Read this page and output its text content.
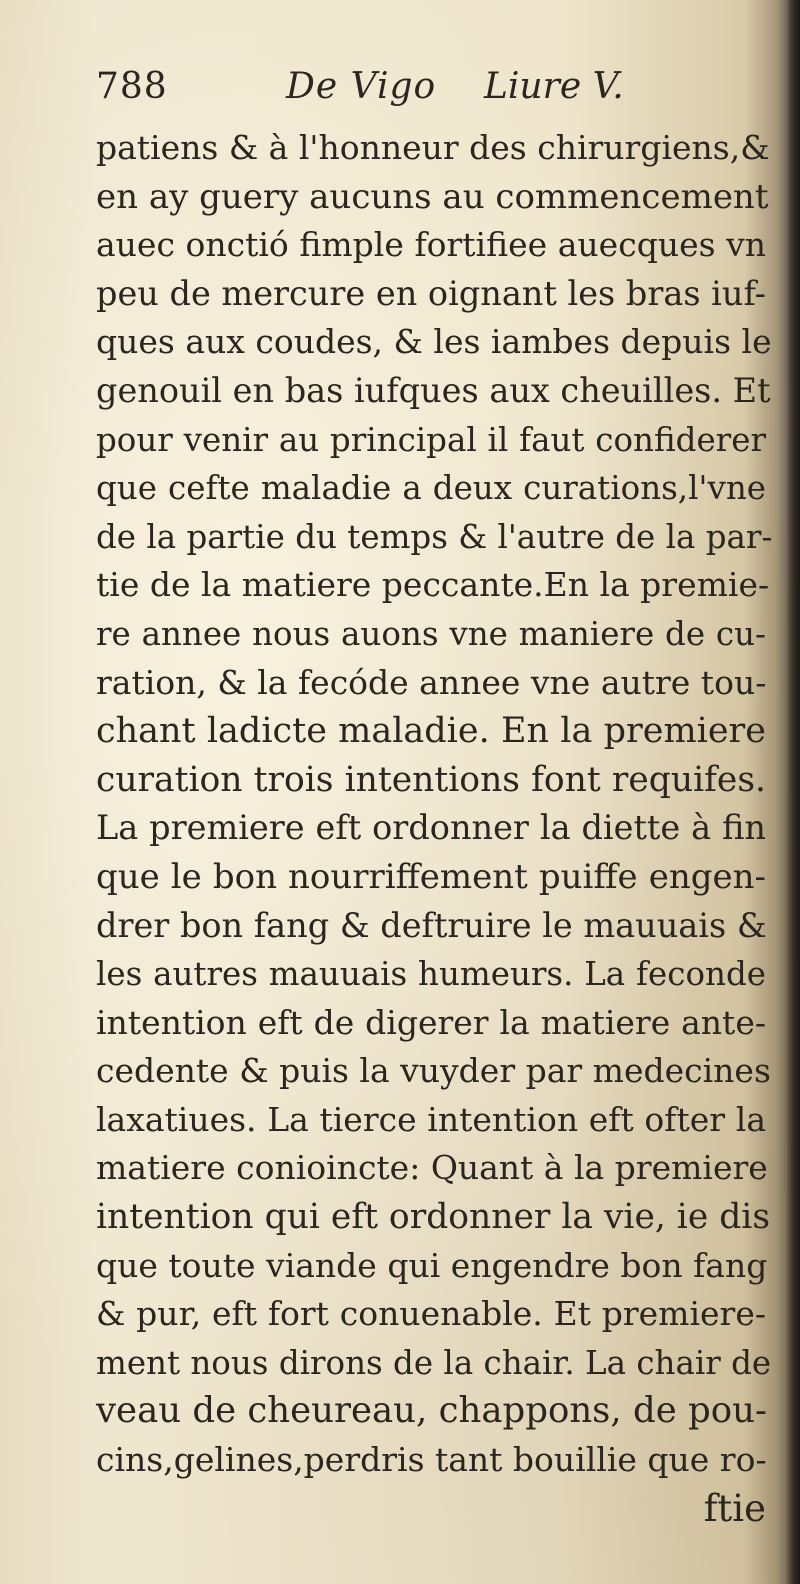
788	De Vigo Liure V.
patiens & à l'honneur des chirurgiens,&
en ay guery aucuns au commencement
auec onctió fimple fortifiee auecques vn
peu de mercure en oignant les bras iuf-
ques aux coudes, & les iambes depuis le
genouil en bas iufques aux cheuilles. Et
pour venir au principal il faut confiderer
que cefte maladie a deux curations,l'vne
de la partie du temps & l'autre de la par-
tie de la matiere peccante.En la premie-
re annee nous auons vne maniere de cu-
ration, & la fecóde annee vne autre tou-
chant ladicte maladie. En la premiere
curation trois intentions font requifes.
La premiere eft ordonner la diette à fin
que le bon nourriffement puiffe engen-
drer bon fang & deftruire le mauuais &
les autres mauuais humeurs. La feconde
intention eft de digerer la matiere ante-
cedente & puis la vuyder par medecines
laxatiues. La tierce intention eft ofter la
matiere conioincte: Quant à la premiere
intention qui eft ordonner la vie, ie dis
que toute viande qui engendre bon fang
& pur, eft fort conuenable. Et premiere-
ment nous dirons de la chair. La chair de
veau de cheureau, chappons, de pou-
cins,gelines,perdris tant bouillie que ro-
ftie
